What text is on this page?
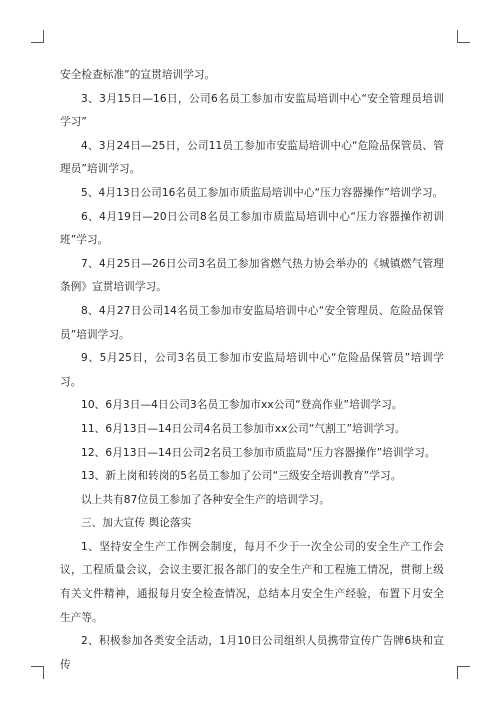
安全检查标准”的宣贯培训学习。

3、3月15日—16日，公司6名员工参加市安监局培训中心“安全管理员培训学习”

4、3月24日—25日，公司11员工参加市安监局培训中心“危险品保管员、管理员”培训学习。

5、4月13日公司16名员工参加市质监局培训中心“压力容器操作”培训学习。

6、4月19日—20日公司8名员工参加市质监局培训中心“压力容器操作初训班”学习。

7、4月25日—26日公司3名员工参加省燃气热力协会举办的《城镇燃气管理条例》宣贯培训学习。

8、4月27日公司14名员工参加市安监局培训中心“安全管理员、危险品保管员”培训学习。

9、5月25日，公司3名员工参加市安监局培训中心“危险品保管员”培训学习。

10、6月3日—4日公司3名员工参加市xx公司“登高作业”培训学习。

11、6月13日—14日公司4名员工参加市xx公司“气割工”培训学习。

12、6月13日—14日公司2名员工参加市质监局“压力容器操作”培训学习。

13、新上岗和转岗的5名员工参加了公司“三级安全培训教育”学习。

以上共有87位员工参加了各种安全生产的培训学习。

三、加大宣传 舆论落实

1、坚持安全生产工作例会制度，每月不少于一次全公司的安全生产工作会议，工程质量会议，会议主要汇报各部门的安全生产和工程施工情况，贯彻上级有关文件精神，通报每月安全检查情况，总结本月安全生产经验，布置下月安全生产等。

2、积极参加各类安全活动，1月10日公司组织人员携带宣传广告牌6块和宣传
